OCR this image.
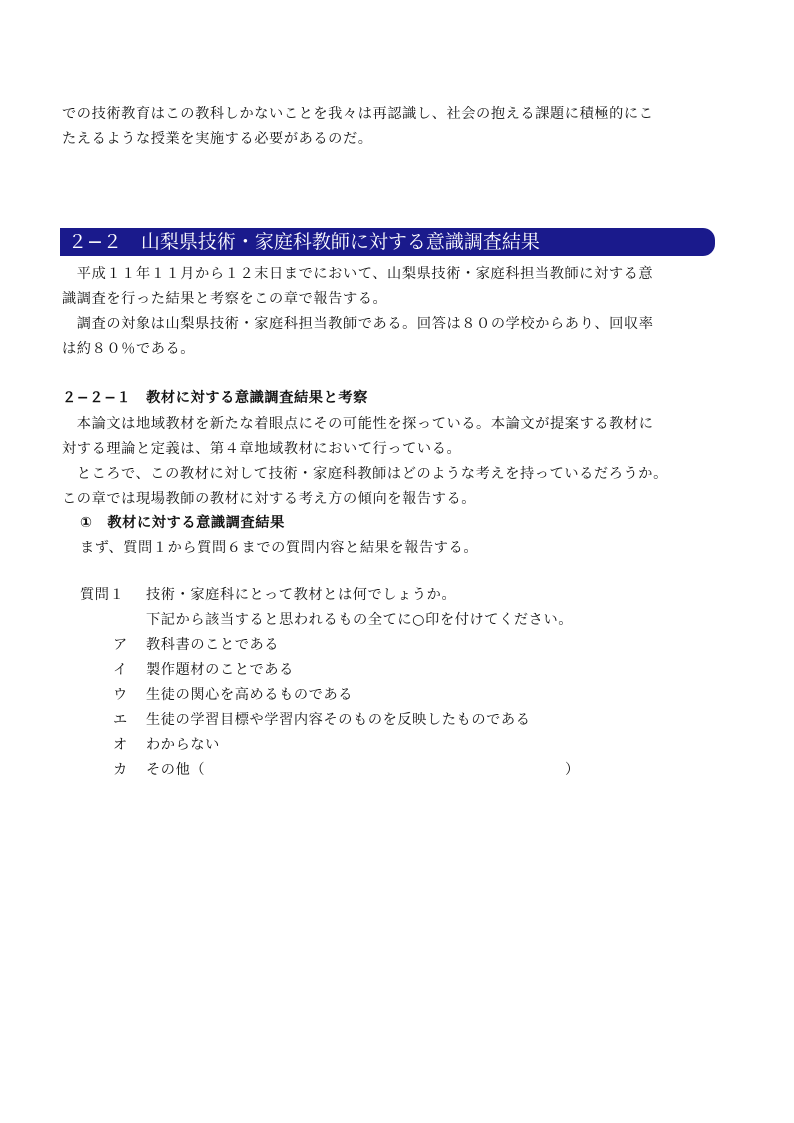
での技術教育はこの教科しかないことを我々は再認識し、社会の抱える課題に積極的にこ
たえるような授業を実施する必要があるのだ。
２−２　山梨県技術・家庭科教師に対する意識調査結果
　平成１１年１１月から１２末日までにおいて、山梨県技術・家庭科担当教師に対する意
識調査を行った結果と考察をこの章で報告する。
　調査の対象は山梨県技術・家庭科担当教師である。回答は８０の学校からあり、回収率
は約８０％である。
２−２−１　教材に対する意識調査結果と考察
　本論文は地域教材を新たな着眼点にその可能性を探っている。本論文が提案する教材に
対する理論と定義は、第４章地域教材において行っている。
　ところで、この教材に対して技術・家庭科教師はどのような考えを持っているだろうか。
この章では現場教師の教材に対する考え方の傾向を報告する。
①　教材に対する意識調査結果
まず、質問１から質問６までの質問内容と結果を報告する。
質問１ 技術・家庭科にとって教材とは何でしょうか。
下記から該当すると思われるもの全てに○印を付けてください。
ア 教科書のことである
イ 製作題材のことである
ウ 生徒の関心を高めるものである
エ 生徒の学習目標や学習内容そのものを反映したものである
オ わからない
カ その他（	）
